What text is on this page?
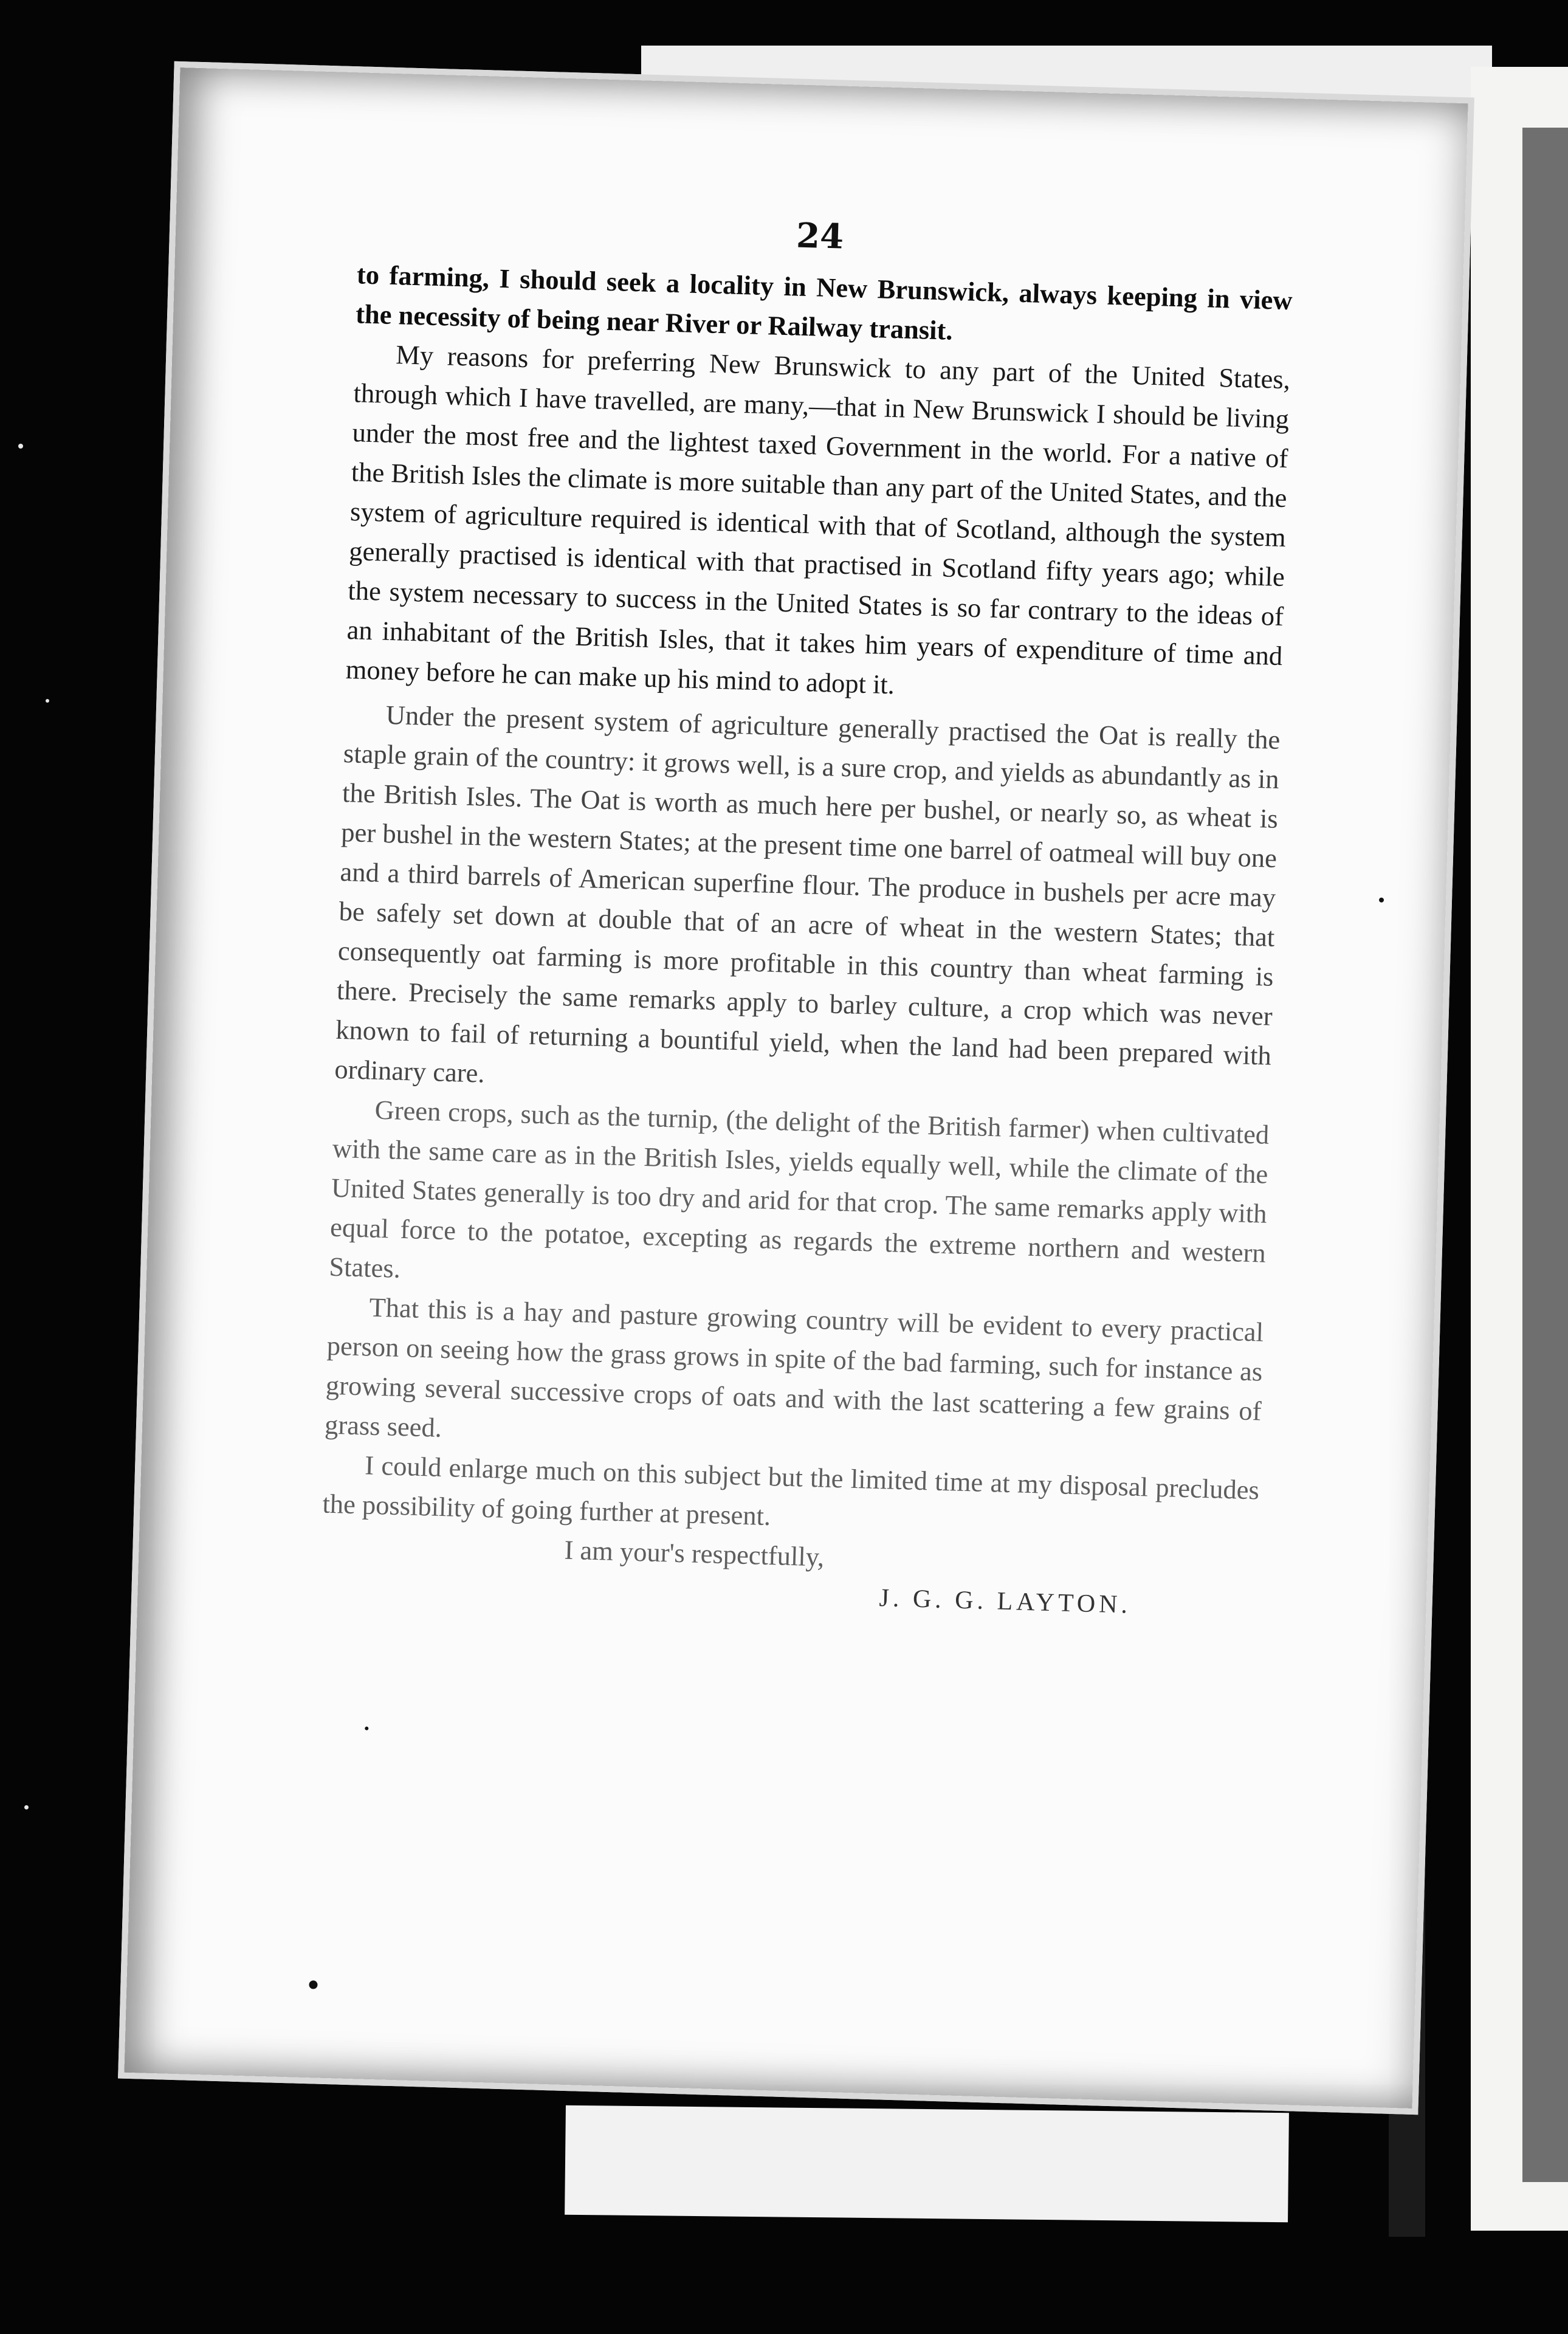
24

to farming, I should seek a locality in New Brunswick, always keeping in view the necessity of being near River or Railway transit.

My reasons for preferring New Brunswick to any part of the United States, through which I have travelled, are many,—that in New Brunswick I should be living under the most free and the lightest taxed Government in the world. For a native of the British Isles the climate is more suitable than any part of the United States, and the system of agriculture required is identical with that of Scotland, although the system generally practised is identical with that practised in Scotland fifty years ago; while the system necessary to success in the United States is so far contrary to the ideas of an inhabitant of the British Isles, that it takes him years of expenditure of time and money before he can make up his mind to adopt it.

Under the present system of agriculture generally practised the Oat is really the staple grain of the country: it grows well, is a sure crop, and yields as abundantly as in the British Isles. The Oat is worth as much here per bushel, or nearly so, as wheat is per bushel in the western States; at the present time one barrel of oatmeal will buy one and a third barrels of American superfine flour. The produce in bushels per acre may be safely set down at double that of an acre of wheat in the western States; that consequently oat farming is more profitable in this country than wheat farming is there. Precisely the same remarks apply to barley culture, a crop which was never known to fail of returning a bountiful yield, when the land had been prepared with ordinary care.

Green crops, such as the turnip, (the delight of the British farmer) when cultivated with the same care as in the British Isles, yields equally well, while the climate of the United States generally is too dry and arid for that crop. The same remarks apply with equal force to the potatoe, excepting as regards the extreme northern and western States.

That this is a hay and pasture growing country will be evident to every practical person on seeing how the grass grows in spite of the bad farming, such for instance as growing several successive crops of oats and with the last scattering a few grains of grass seed.

I could enlarge much on this subject but the limited time at my disposal precludes the possibility of going further at present.

I am your's respectfully,

J. G. G. LAYTON.
